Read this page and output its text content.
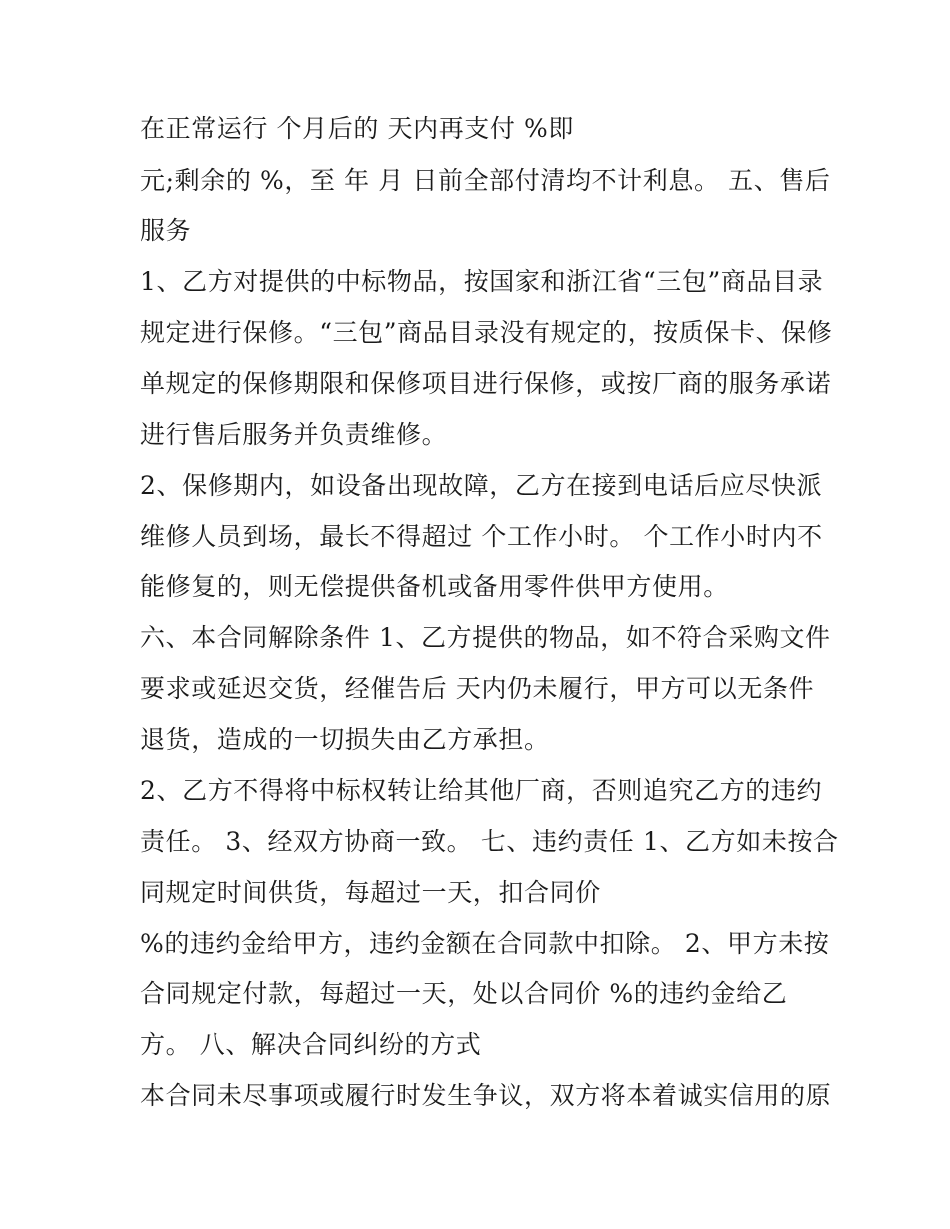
在正常运行 个月后的 天内再支付 %即
元;剩余的 %，至 年 月 日前全部付清均不计利息。 五、售后
服务
1、乙方对提供的中标物品，按国家和浙江省“三包”商品目录
规定进行保修。“三包”商品目录没有规定的，按质保卡、保修
单规定的保修期限和保修项目进行保修，或按厂商的服务承诺
进行售后服务并负责维修。
2、保修期内，如设备出现故障，乙方在接到电话后应尽快派
维修人员到场，最长不得超过 个工作小时。 个工作小时内不
能修复的，则无偿提供备机或备用零件供甲方使用。
六、本合同解除条件 1、乙方提供的物品，如不符合采购文件
要求或延迟交货，经催告后 天内仍未履行，甲方可以无条件
退货，造成的一切损失由乙方承担。
2、乙方不得将中标权转让给其他厂商，否则追究乙方的违约
责任。 3、经双方协商一致。 七、违约责任 1、乙方如未按合
同规定时间供货，每超过一天，扣合同价
%的违约金给甲方，违约金额在合同款中扣除。 2、甲方未按
合同规定付款，每超过一天，处以合同价 %的违约金给乙
方。 八、解决合同纠纷的方式
本合同未尽事项或履行时发生争议，双方将本着诚实信用的原
